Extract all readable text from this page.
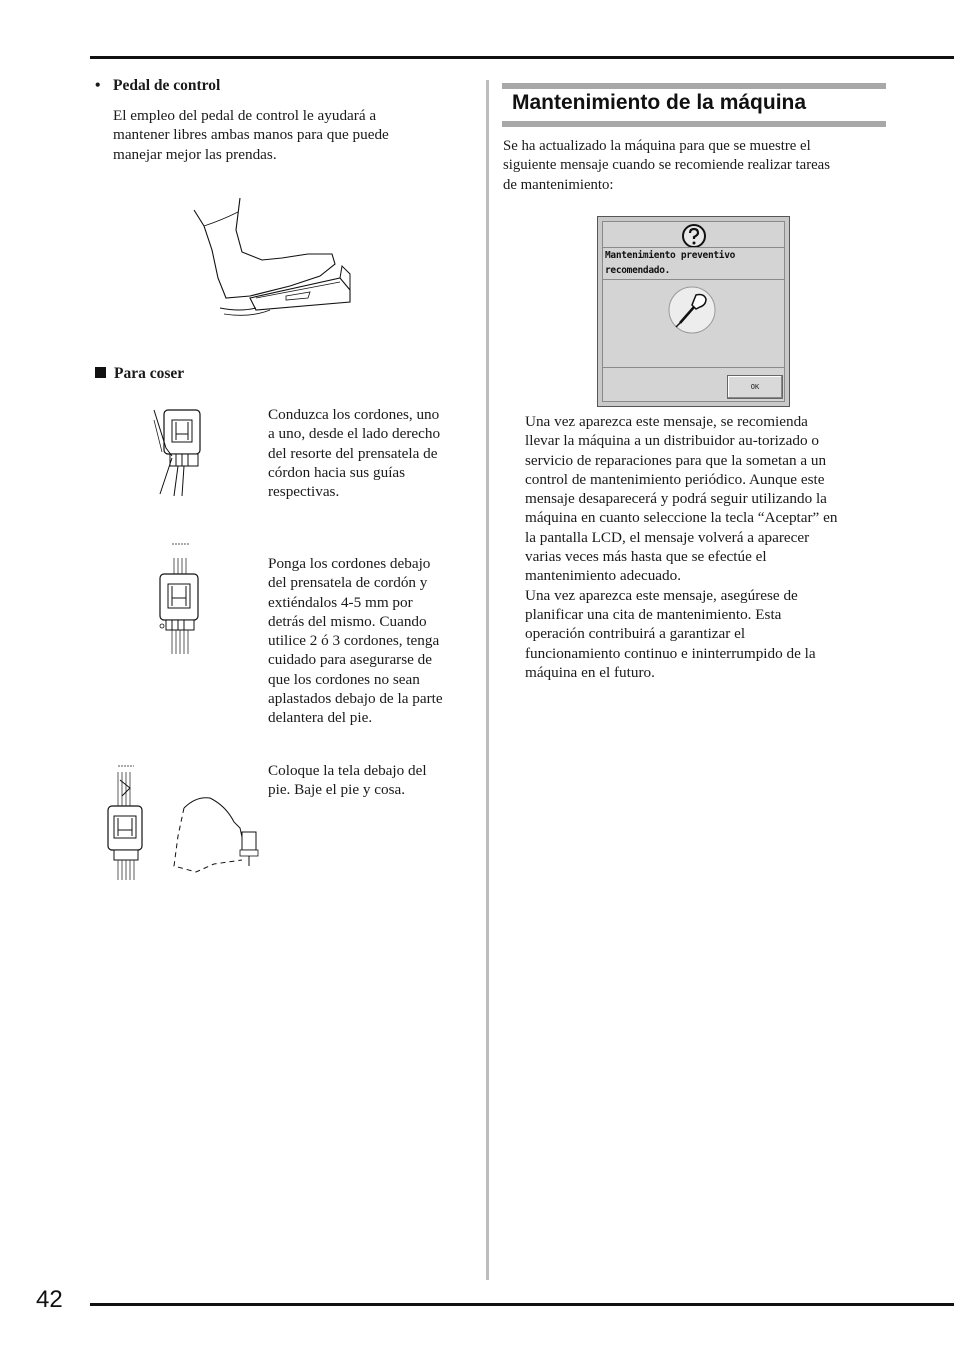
• Pedal de control

El empleo del pedal de control le ayudará a
mantener libres ambas manos para que puede
manejar mejor las prendas.

Para coser

Conduzca los cordones, uno
a uno, desde el lado derecho
del resorte del prensatela de
córdon hacia sus guías
respectivas.

Ponga los cordones debajo
del prensatela de cordón y
extiéndalos 4-5 mm por
detrás del mismo. Cuando
utilice 2 ó 3 cordones, tenga
cuidado para asegurarse de
que los cordones no sean
aplastados debajo de la parte
delantera del pie.

Coloque la tela debajo del
pie. Baje el pie y cosa.

Mantenimiento de la máquina

Se ha actualizado la máquina para que se muestre el
siguiente mensaje cuando se recomiende realizar tareas
de mantenimiento:

Mantenimiento preventivo
recomendado.
OK

Una vez aparezca este mensaje, se recomienda
llevar la máquina a un distribuidor au-torizado o
servicio de reparaciones para que la sometan a un
control de mantenimiento periódico. Aunque este
mensaje desaparecerá y podrá seguir utilizando la
máquina en cuanto seleccione la tecla “Aceptar” en
la pantalla LCD, el mensaje volverá a aparecer
varias veces más hasta que se efectúe el
mantenimiento adecuado.
Una vez aparezca este mensaje, asegúrese de
planificar una cita de mantenimiento. Esta
operación contribuirá a garantizar el
funcionamiento continuo e ininterrumpido de la
máquina en el futuro.

42
